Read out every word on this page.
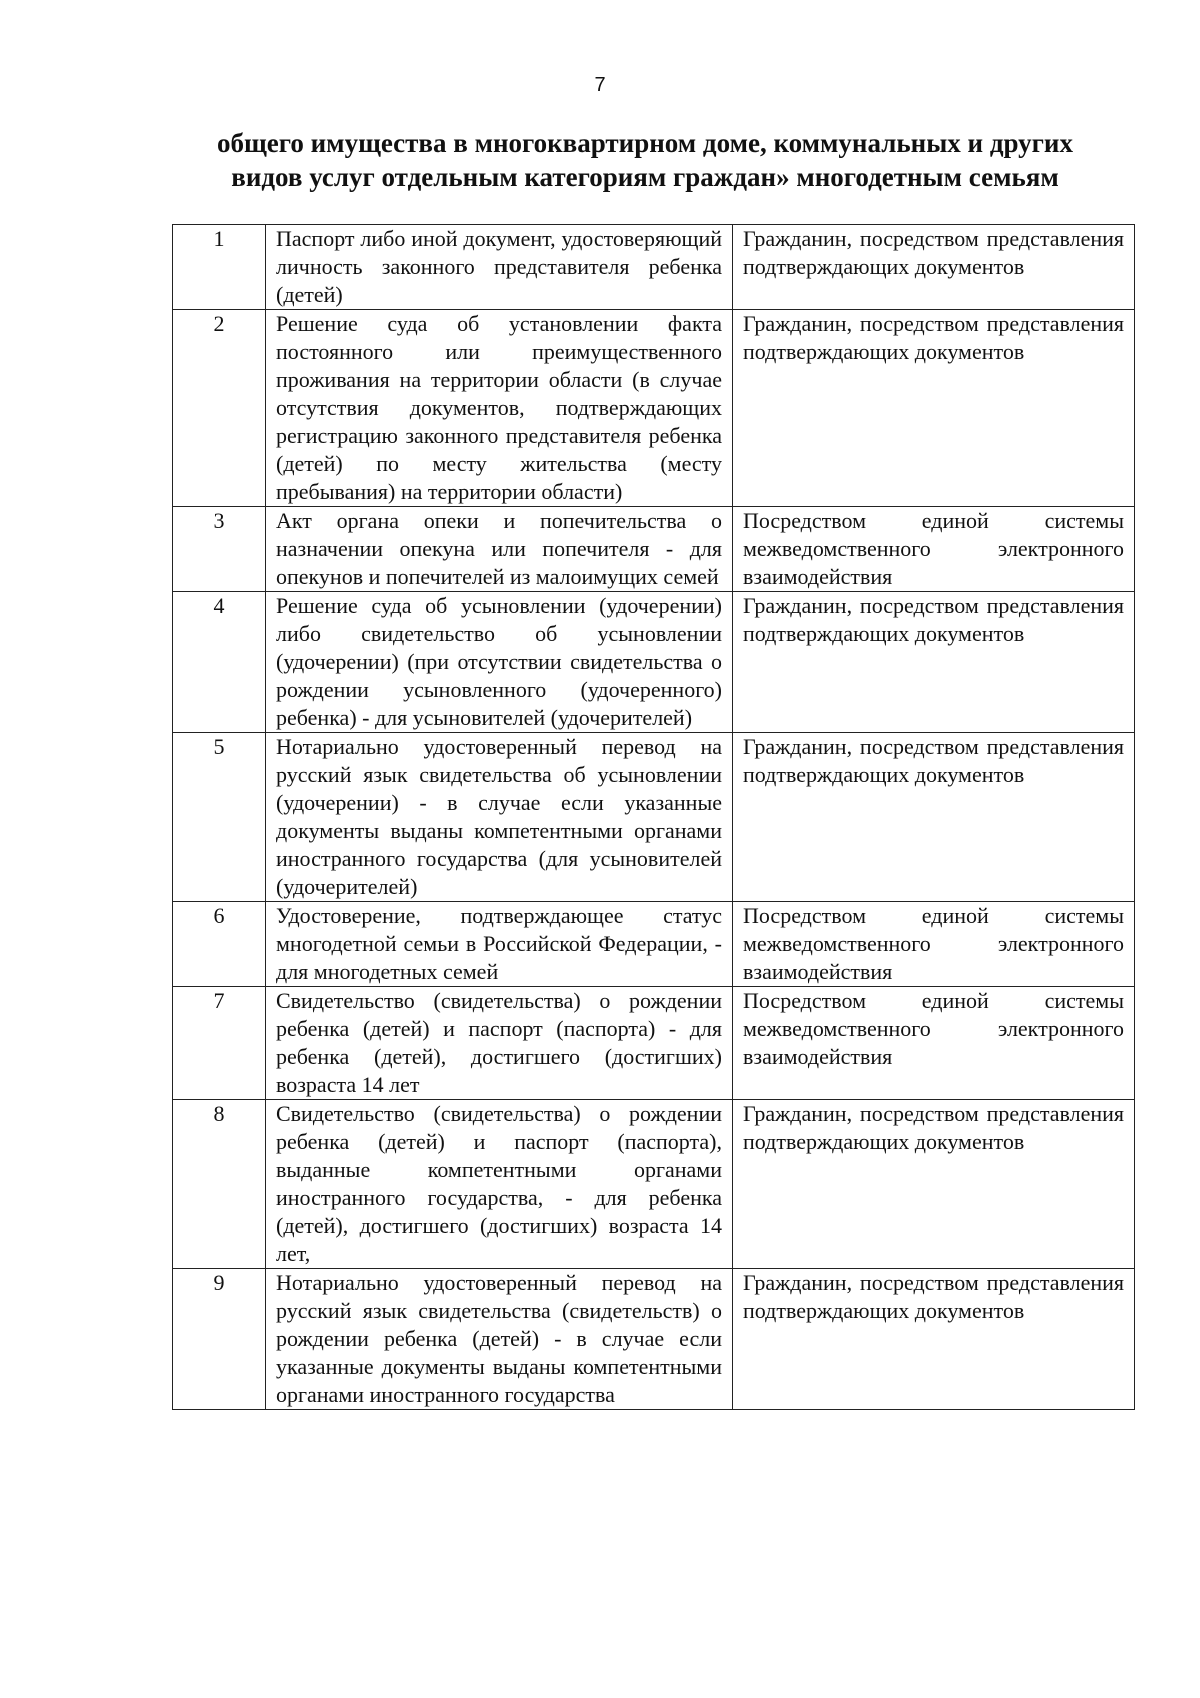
7
общего имущества в многоквартирном доме, коммунальных и других
видов услуг отдельным категориям граждан» многодетным семьям
1	Паспорт либо иной документ, удостоверяющий личность законного представителя ребенка (детей)	Гражданин, посредством представления подтверждающих документов
2	Решение суда об установлении факта постоянного или преимущественного проживания на территории области (в случае отсутствия документов, подтверждающих регистрацию законного представителя ребенка (детей) по месту жительства (месту пребывания) на территории области)	Гражданин, посредством представления подтверждающих документов
3	Акт органа опеки и попечительства о назначении опекуна или попечителя - для опекунов и попечителей из малоимущих семей	Посредством единой системы межведомственного электронного взаимодействия
4	Решение суда об усыновлении (удочерении) либо свидетельство об усыновлении (удочерении) (при отсутствии свидетельства о рождении усыновленного (удочеренного) ребенка) - для усыновителей (удочерителей)	Гражданин, посредством представления подтверждающих документов
5	Нотариально удостоверенный перевод на русский язык свидетельства об усыновлении (удочерении) - в случае если указанные документы выданы компетентными органами иностранного государства (для усыновителей (удочерителей)	Гражданин, посредством представления подтверждающих документов
6	Удостоверение, подтверждающее статус многодетной семьи в Российской Федерации, - для многодетных семей	Посредством единой системы межведомственного электронного взаимодействия
7	Свидетельство (свидетельства) о рождении ребенка (детей) и паспорт (паспорта) - для ребенка (детей), достигшего (достигших) возраста 14 лет	Посредством единой системы межведомственного электронного взаимодействия
8	Свидетельство (свидетельства) о рождении ребенка (детей) и паспорт (паспорта), выданные компетентными органами иностранного государства, - для ребенка (детей), достигшего (достигших) возраста 14 лет,	Гражданин, посредством представления подтверждающих документов
9	Нотариально удостоверенный перевод на русский язык свидетельства (свидетельств) о рождении ребенка (детей) - в случае если указанные документы выданы компетентными органами иностранного государства	Гражданин, посредством представления подтверждающих документов
